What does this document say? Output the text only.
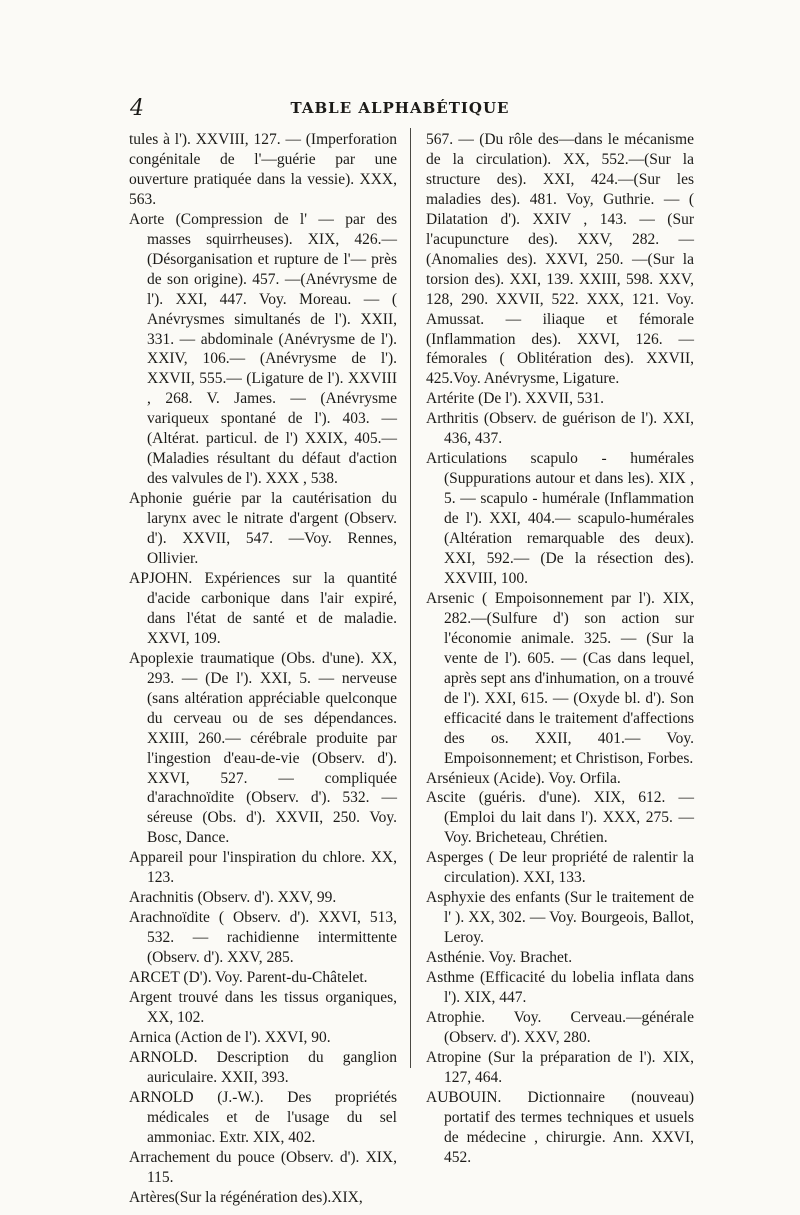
4	TABLE ALPHABÉTIQUE

tules à l'). XXVIII, 127. — (Imperforation congénitale de l'—guérie par une ouverture pratiquée dans la vessie). XXX, 563.

Aorte (Compression de l' — par des masses squirrheuses). XIX, 426.— (Désorganisation et rupture de l'— près de son origine). 457. —(Anévrysme de l'). XXI, 447. Voy. Moreau. — ( Anévrysmes simultanés de l'). XXII, 331. — abdominale (Anévrysme de l'). XXIV, 106.— (Anévrysme de l'). XXVII, 555.— (Ligature de l'). XXVIII , 268. V. James. — (Anévrysme variqueux spontané de l'). 403. — (Altérat. particul. de l') XXIX, 405.—(Maladies résultant du défaut d'action des valvules de l'). XXX , 538.

Aphonie guérie par la cautérisation du larynx avec le nitrate d'argent (Observ. d'). XXVII, 547. —Voy. Rennes, Ollivier.

APJOHN. Expériences sur la quantité d'acide carbonique dans l'air expiré, dans l'état de santé et de maladie. XXVI, 109.

Apoplexie traumatique (Obs. d'une). XX, 293. — (De l'). XXI, 5. — nerveuse (sans altération appréciable quelconque du cerveau ou de ses dépendances. XXIII, 260.— cérébrale produite par l'ingestion d'eau-de-vie (Observ. d'). XXVI, 527. — compliquée d'arachnoïdite (Observ. d'). 532. —séreuse (Obs. d'). XXVII, 250. Voy. Bosc, Dance.

Appareil pour l'inspiration du chlore. XX, 123.

Arachnitis (Observ. d'). XXV, 99.

Arachnoïdite ( Observ. d'). XXVI, 513, 532. — rachidienne intermittente (Observ. d'). XXV, 285.

ARCET (D'). Voy. Parent-du-Châtelet.

Argent trouvé dans les tissus organiques, XX, 102.

Arnica (Action de l'). XXVI, 90.

ARNOLD. Description du ganglion auriculaire. XXII, 393.

ARNOLD (J.-W.). Des propriétés médicales et de l'usage du sel ammoniac. Extr. XIX, 402.

Arrachement du pouce (Observ. d'). XIX, 115.

Artères(Sur la régénération des).XIX,

567. — (Du rôle des—dans le mécanisme de la circulation). XX, 552.—(Sur la structure des). XXI, 424.—(Sur les maladies des). 481. Voy, Guthrie. — ( Dilatation d'). XXIV , 143. — (Sur l'acupuncture des). XXV, 282. —(Anomalies des). XXVI, 250. —(Sur la torsion des). XXI, 139. XXIII, 598. XXV, 128, 290. XXVII, 522. XXX, 121. Voy. Amussat. — iliaque et fémorale (Inflammation des). XXVI, 126. — fémorales ( Oblitération des). XXVII, 425.Voy. Anévrysme, Ligature.

Artérite (De l'). XXVII, 531.

Arthritis (Observ. de guérison de l'). XXI, 436, 437.

Articulations scapulo - humérales (Suppurations autour et dans les). XIX , 5. — scapulo - humérale (Inflammation de l'). XXI, 404.— scapulo-humérales (Altération remarquable des deux). XXI, 592.— (De la résection des). XXVIII, 100.

Arsenic ( Empoisonnement par l'). XIX, 282.—(Sulfure d') son action sur l'économie animale. 325. — (Sur la vente de l'). 605. — (Cas dans lequel, après sept ans d'inhumation, on a trouvé de l'). XXI, 615. — (Oxyde bl. d'). Son efficacité dans le traitement d'affections des os. XXII, 401.— Voy. Empoisonnement; et Christison, Forbes.

Arsénieux (Acide). Voy. Orfila.

Ascite (guéris. d'une). XIX, 612. — (Emploi du lait dans l'). XXX, 275. — Voy. Bricheteau, Chrétien.

Asperges ( De leur propriété de ralentir la circulation). XXI, 133.

Asphyxie des enfants (Sur le traitement de l' ). XX, 302. — Voy. Bourgeois, Ballot, Leroy.

Asthénie. Voy. Brachet.

Asthme (Efficacité du lobelia inflata dans l'). XIX, 447.

Atrophie. Voy. Cerveau.—générale (Observ. d'). XXV, 280.

Atropine (Sur la préparation de l'). XIX, 127, 464.

AUBOUIN. Dictionnaire (nouveau) portatif des termes techniques et usuels de médecine , chirurgie. Ann. XXVI, 452.
